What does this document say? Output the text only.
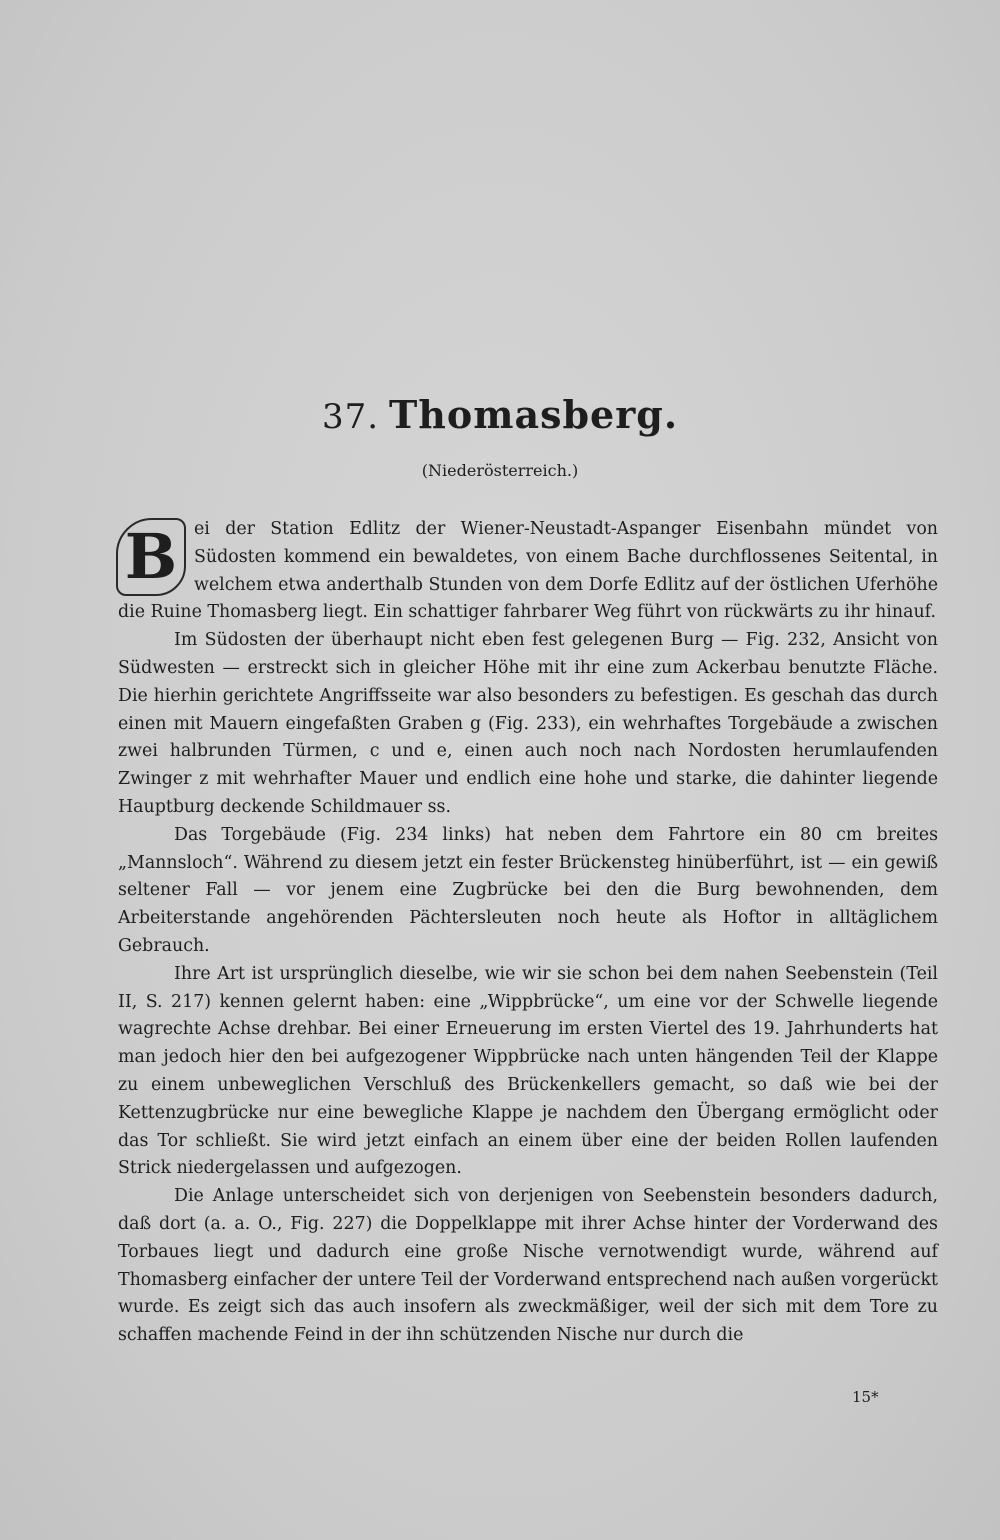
37. Thomasberg.

(Niederösterreich.)

B ei der Station Edlitz der Wiener-Neustadt-Aspanger Eisenbahn mündet von Südosten kommend ein bewaldetes, von einem Bache durchflossenes Seitental, in welchem etwa anderthalb Stunden von dem Dorfe Edlitz auf der östlichen Uferhöhe die Ruine Thomasberg liegt. Ein schattiger fahrbarer Weg führt von rückwärts zu ihr hinauf.

Im Südosten der überhaupt nicht eben fest gelegenen Burg — Fig. 232, Ansicht von Südwesten — erstreckt sich in gleicher Höhe mit ihr eine zum Ackerbau benutzte Fläche. Die hierhin gerichtete Angriffsseite war also besonders zu befestigen. Es geschah das durch einen mit Mauern eingefaßten Graben g (Fig. 233), ein wehrhaftes Torgebäude a zwischen zwei halbrunden Türmen, c und e, einen auch noch nach Nordosten herumlaufenden Zwinger z mit wehrhafter Mauer und endlich eine hohe und starke, die dahinter liegende Hauptburg deckende Schildmauer ss.

Das Torgebäude (Fig. 234 links) hat neben dem Fahrtore ein 80 cm breites „Mannsloch“. Während zu diesem jetzt ein fester Brückensteg hinüberführt, ist — ein gewiß seltener Fall — vor jenem eine Zugbrücke bei den die Burg bewohnenden, dem Arbeiterstande angehörenden Pächtersleuten noch heute als Hoftor in alltäglichem Gebrauch.

Ihre Art ist ursprünglich dieselbe, wie wir sie schon bei dem nahen Seebenstein (Teil II, S. 217) kennen gelernt haben: eine „Wippbrücke“, um eine vor der Schwelle liegende wagrechte Achse drehbar. Bei einer Erneuerung im ersten Viertel des 19. Jahrhunderts hat man jedoch hier den bei aufgezogener Wippbrücke nach unten hängenden Teil der Klappe zu einem unbeweglichen Verschluß des Brückenkellers gemacht, so daß wie bei der Kettenzugbrücke nur eine bewegliche Klappe je nachdem den Übergang ermöglicht oder das Tor schließt. Sie wird jetzt einfach an einem über eine der beiden Rollen laufenden Strick niedergelassen und aufgezogen.

Die Anlage unterscheidet sich von derjenigen von Seebenstein besonders dadurch, daß dort (a. a. O., Fig. 227) die Doppelklappe mit ihrer Achse hinter der Vorderwand des Torbaues liegt und dadurch eine große Nische vernotwendigt wurde, während auf Thomasberg einfacher der untere Teil der Vorderwand entsprechend nach außen vorgerückt wurde. Es zeigt sich das auch insofern als zweckmäßiger, weil der sich mit dem Tore zu schaffen machende Feind in der ihn schützenden Nische nur durch die

15*
